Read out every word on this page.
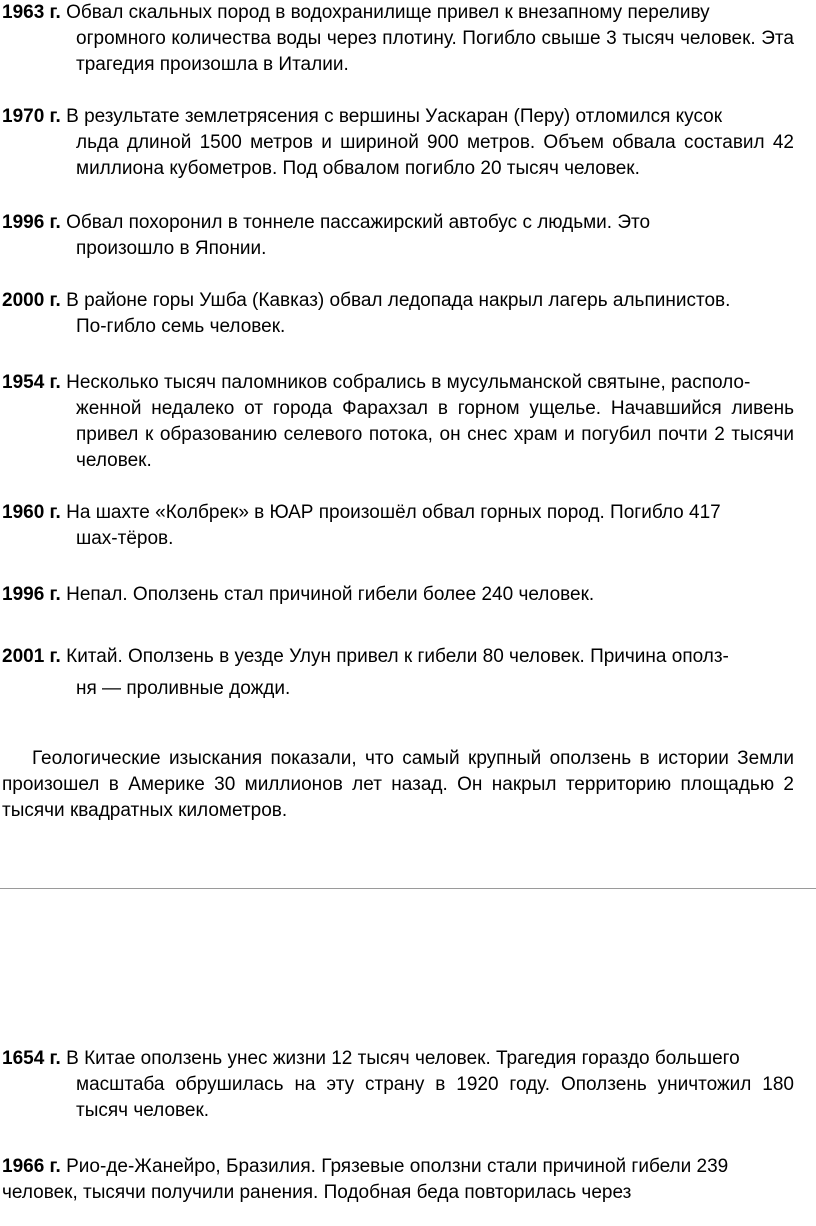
1963 г. Обвал скальных пород в водохранилище привел к внезапному переливу
огромного количества воды через плотину. Погибло свыше 3 тысяч человек. Эта трагедия произошла в Италии.
1970 г. В результате землетрясения с вершины Уаскаран (Перу) отломился кусок
льда длиной 1500 метров и шириной 900 метров. Объем обвала составил 42 миллиона кубометров. Под обвалом погибло 20 тысяч человек.
1996 г. Обвал похоронил в тоннеле пассажирский автобус с людьми. Это
произошло в Японии.
2000 г. В районе горы Ушба (Кавказ) обвал ледопада накрыл лагерь альпинистов.
По-гибло семь человек.
1954 г. Несколько тысяч паломников собрались в мусульманской святыне, располо-
женной недалеко от города Фарахзал в горном ущелье. Начавшийся ливень привел к образованию селевого потока, он снес храм и погубил почти 2 тысячи человек.
1960 г. На шахте «Колбрек» в ЮАР произошёл обвал горных пород. Погибло 417
шах-тёров.
1996 г. Непал. Оползень стал причиной гибели более 240 человек.
2001 г. Китай. Оползень в уезде Улун привел к гибели 80 человек. Причина ополз-
ня — проливные дожди.
Геологические изыскания показали, что самый крупный оползень в истории Земли произошел в Америке 30 миллионов лет назад. Он накрыл территорию площадью 2 тысячи квадратных километров.
1654 г. В Китае оползень унес жизни 12 тысяч человек. Трагедия гораздо большего
масштаба обрушилась на эту страну в 1920 году. Оползень уничтожил 180 тысяч человек.
1966 г. Рио-де-Жанейро, Бразилия. Грязевые оползни стали причиной гибели 239
человек, тысячи получили ранения. Подобная беда повторилась через
